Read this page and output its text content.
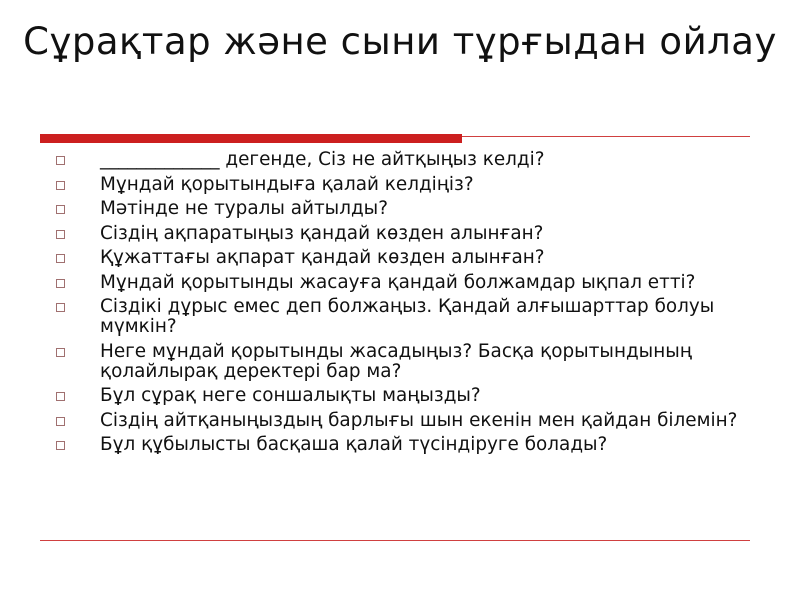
Сұрақтар және сыни тұрғыдан ойлау
_____________ дегенде, Сіз не айтқыңыз келді?
Мұндай қорытындыға қалай келдіңіз?
Мәтінде не туралы айтылды?
Сіздің ақпаратыңыз қандай көзден алынған?
Құжаттағы ақпарат қандай көзден алынған?
Мұндай қорытынды жасауға қандай болжамдар ықпал етті?
Сіздікі дұрыс емес деп болжаңыз. Қандай алғышарттар болуы мүмкін?
Неге мұндай қорытынды жасадыңыз? Басқа қорытындының қолайлырақ деректері бар ма?
Бұл сұрақ неге соншалықты маңызды?
Сіздің айтқаныңыздың барлығы шын екенін мен қайдан білемін?
Бұл құбылысты басқаша қалай түсіндіруге болады?
